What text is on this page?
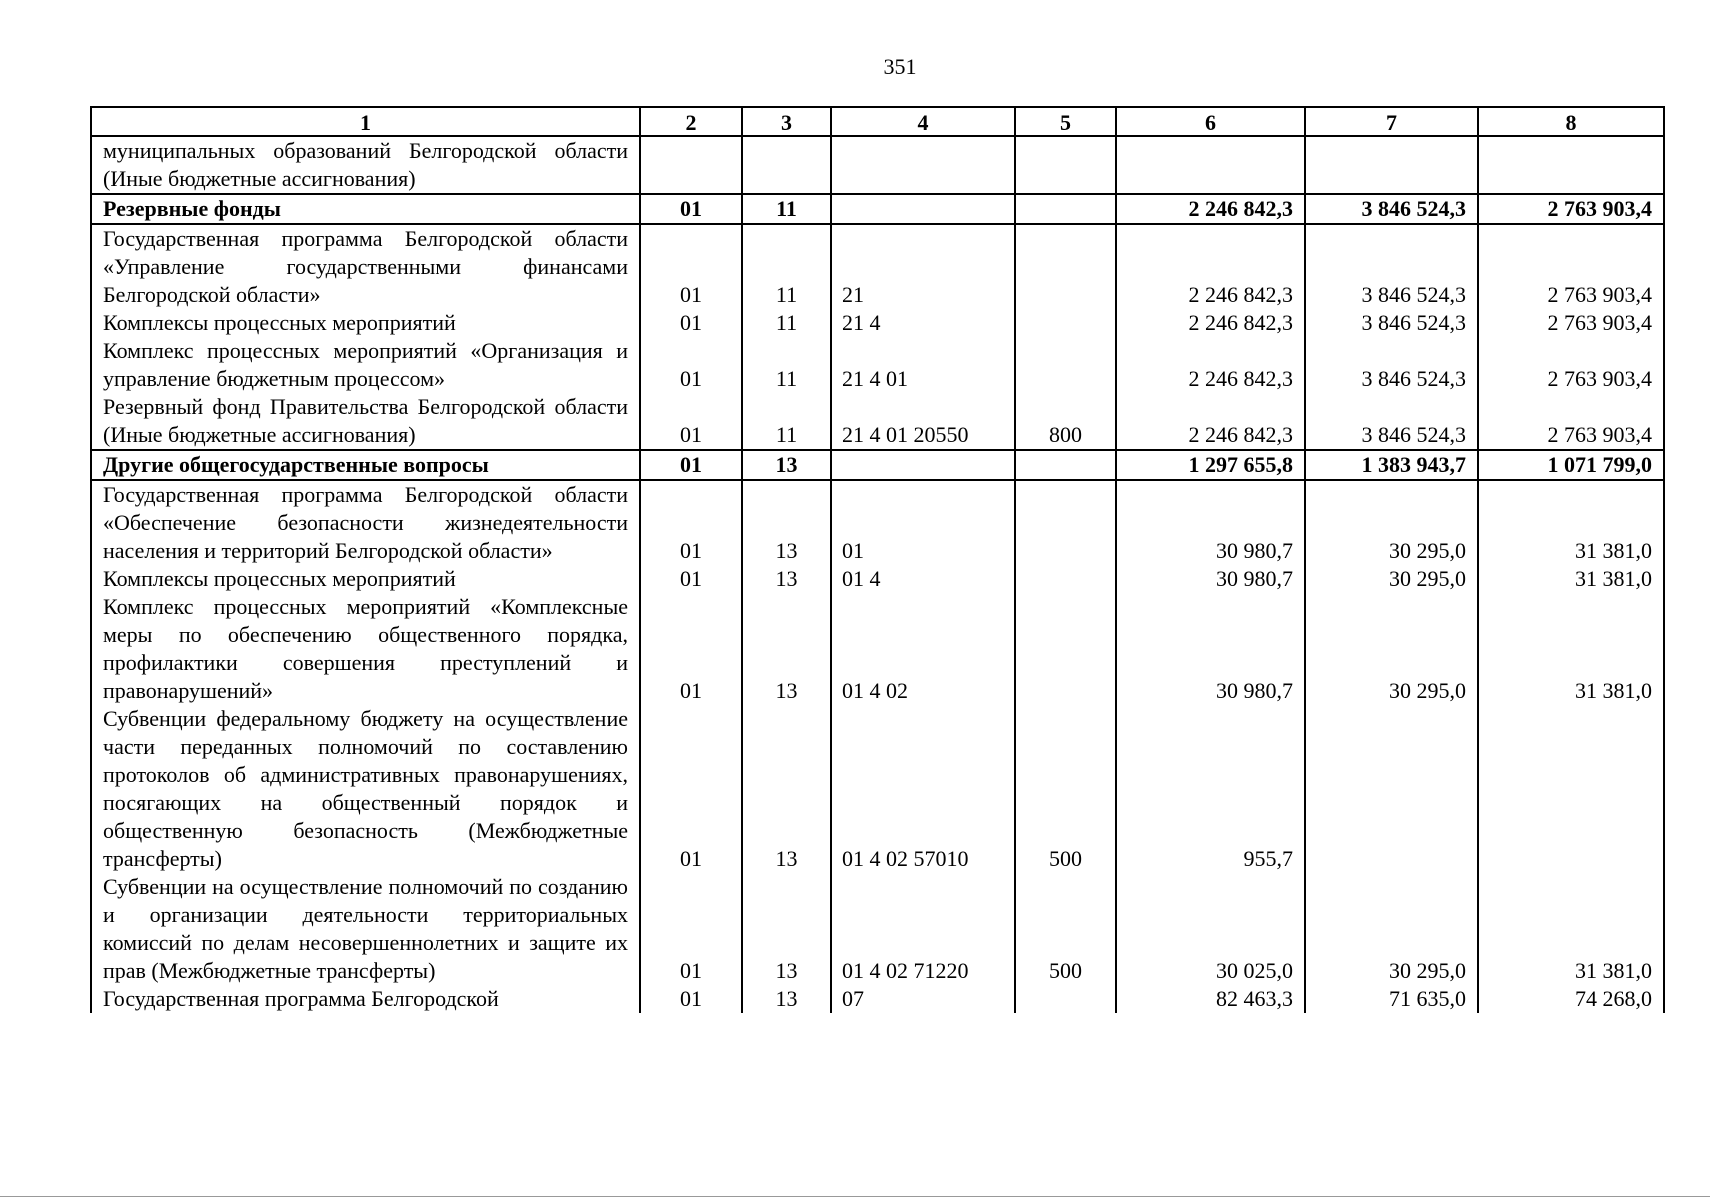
351
1	2	3	4	5	6	7	8
муниципальных образований Белгородской области (Иные бюджетные ассигнования)							
Резервные фонды	01	11			2 246 842,3	3 846 524,3	2 763 903,4
Государственная программа Белгородской области «Управление государственными финансами Белгородской области»	01	11	21		2 246 842,3	3 846 524,3	2 763 903,4
Комплексы процессных мероприятий	01	11	21 4		2 246 842,3	3 846 524,3	2 763 903,4
Комплекс процессных мероприятий «Организация и управление бюджетным процессом»	01	11	21 4 01		2 246 842,3	3 846 524,3	2 763 903,4
Резервный фонд Правительства Белгородской области (Иные бюджетные ассигнования)	01	11	21 4 01 20550	800	2 246 842,3	3 846 524,3	2 763 903,4
Другие общегосударственные вопросы	01	13			1 297 655,8	1 383 943,7	1 071 799,0
Государственная программа Белгородской области «Обеспечение безопасности жизнедеятельности населения и территорий Белгородской области»	01	13	01		30 980,7	30 295,0	31 381,0
Комплексы процессных мероприятий	01	13	01 4		30 980,7	30 295,0	31 381,0
Комплекс процессных мероприятий «Комплексные меры по обеспечению общественного порядка, профилактики совершения преступлений и правонарушений»	01	13	01 4 02		30 980,7	30 295,0	31 381,0
Субвенции федеральному бюджету на осуществление части переданных полномочий по составлению протоколов об административных правонарушениях, посягающих на общественный порядок и общественную безопасность (Межбюджетные трансферты)	01	13	01 4 02 57010	500	955,7		
Субвенции на осуществление полномочий по созданию и организации деятельности территориальных комиссий по делам несовершеннолетних и защите их прав (Межбюджетные трансферты)	01	13	01 4 02 71220	500	30 025,0	30 295,0	31 381,0
Государственная программа Белгородской	01	13	07		82 463,3	71 635,0	74 268,0
